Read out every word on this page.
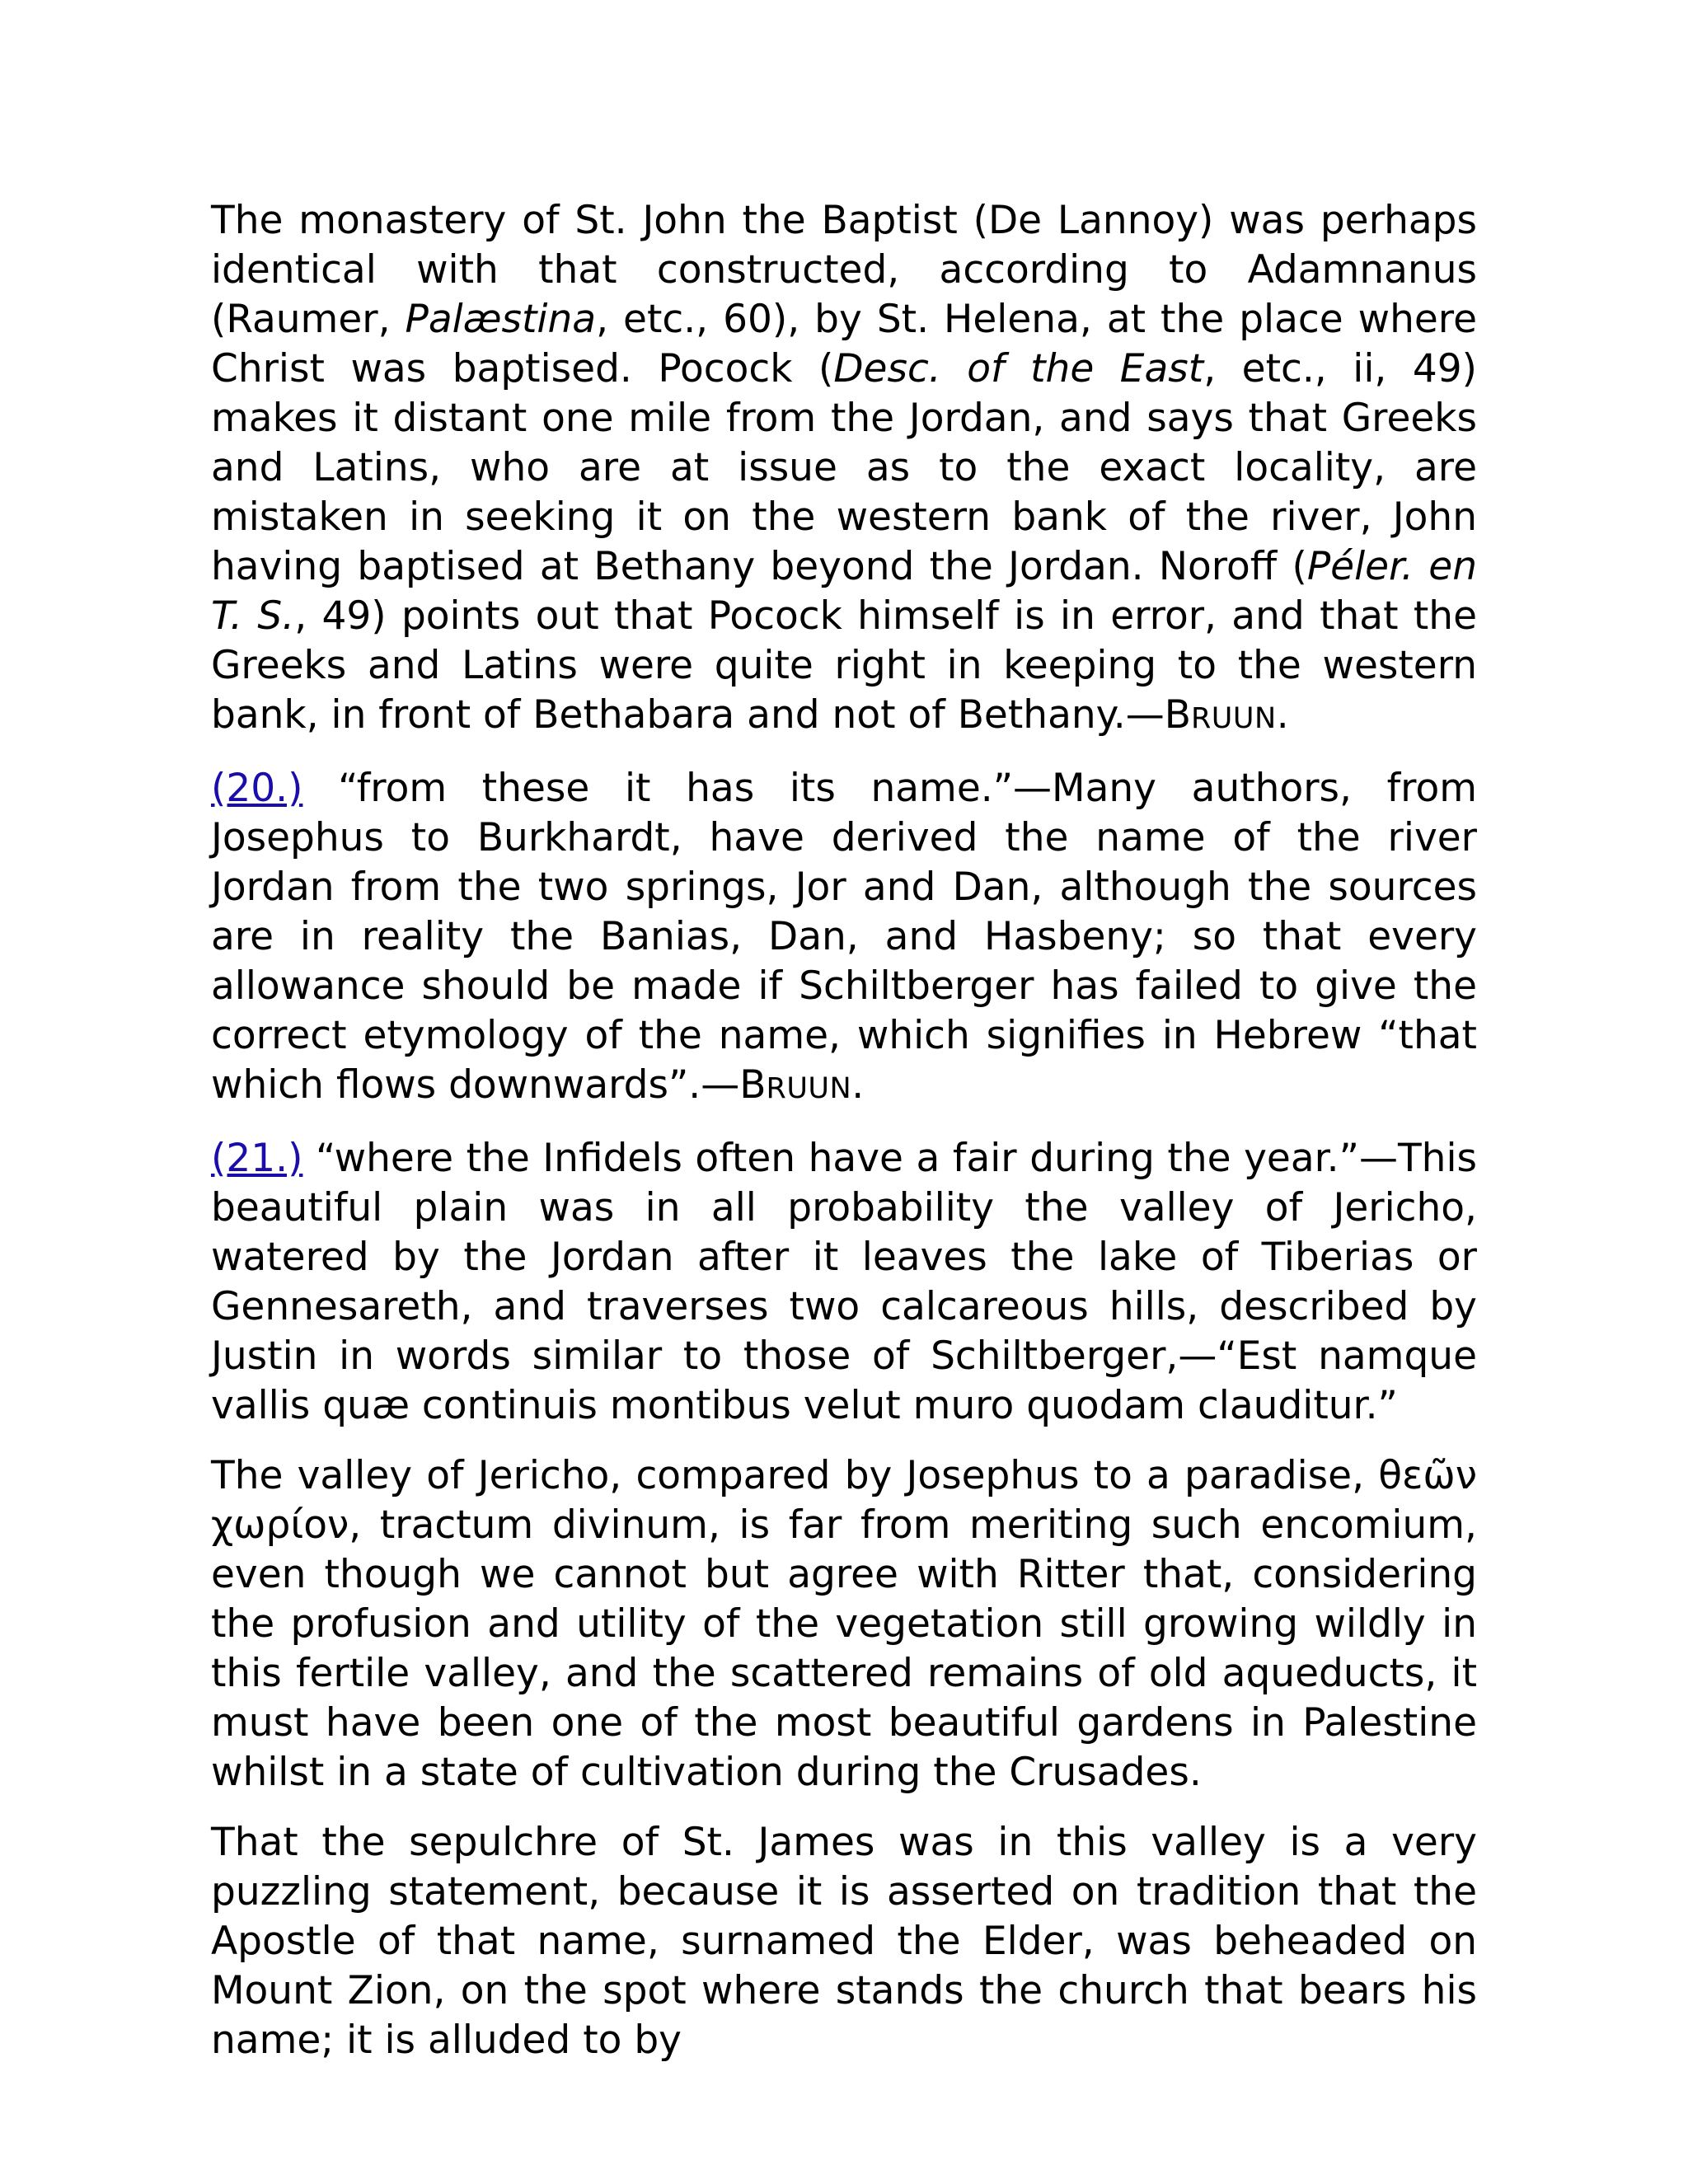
The monastery of St. John the Baptist (De Lannoy) was perhaps identical with that constructed, according to Adamnanus (Raumer, Palæstina, etc., 60), by St. Helena, at the place where Christ was baptised. Pocock (Desc. of the East, etc., ii, 49) makes it distant one mile from the Jordan, and says that Greeks and Latins, who are at issue as to the exact locality, are mistaken in seeking it on the western bank of the river, John having baptised at Bethany beyond the Jordan. Noroff (Péler. en T. S., 49) points out that Pocock himself is in error, and that the Greeks and Latins were quite right in keeping to the western bank, in front of Bethabara and not of Bethany.—BRUUN.

(20.) “from these it has its name.”—Many authors, from Josephus to Burkhardt, have derived the name of the river Jordan from the two springs, Jor and Dan, although the sources are in reality the Banias, Dan, and Hasbeny; so that every allowance should be made if Schiltberger has failed to give the correct etymology of the name, which signifies in Hebrew “that which flows downwards”.—BRUUN.

(21.) “where the Infidels often have a fair during the year.”—This beautiful plain was in all probability the valley of Jericho, watered by the Jordan after it leaves the lake of Tiberias or Gennesareth, and traverses two calcareous hills, described by Justin in words similar to those of Schiltberger,—“Est namque vallis quæ continuis montibus velut muro quodam clauditur.”

The valley of Jericho, compared by Josephus to a paradise, θεῶν χωρίον, tractum divinum, is far from meriting such encomium, even though we cannot but agree with Ritter that, considering the profusion and utility of the vegetation still growing wildly in this fertile valley, and the scattered remains of old aqueducts, it must have been one of the most beautiful gardens in Palestine whilst in a state of cultivation during the Crusades.

That the sepulchre of St. James was in this valley is a very puzzling statement, because it is asserted on tradition that the Apostle of that name, surnamed the Elder, was beheaded on Mount Zion, on the spot where stands the church that bears his name; it is alluded to by
